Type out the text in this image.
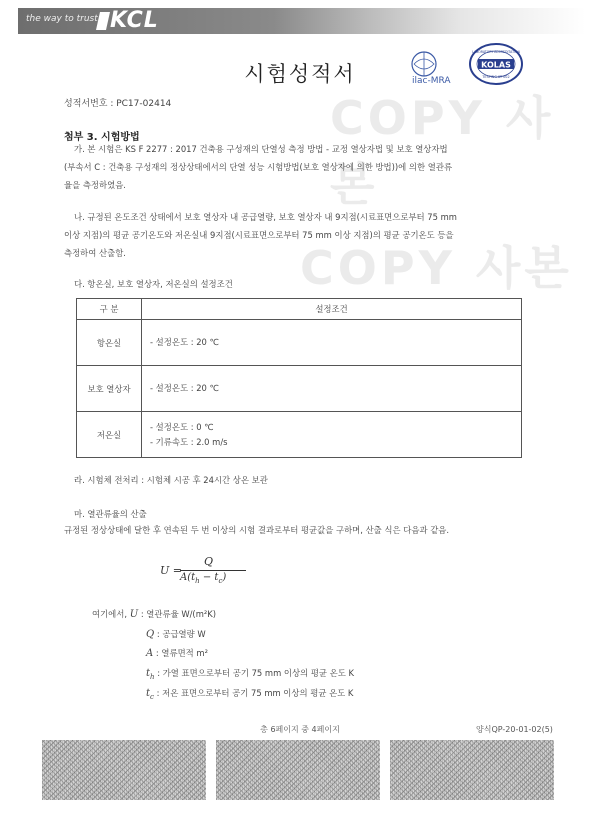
the way to trust KCL
COPY 사본
COPY 사본
시험성적서	ilac-MRA
KOLAS
LABORATORY ACCREDITATION
TESTING KT 002
성적서번호 : PC17-02414
첨부 3. 시험방법
가. 본 시험은 KS F 2277 : 2017 건축용 구성재의 단열성 측정 방법 - 교정 열상자법 및 보호 열상자법
(부속서 C : 건축용 구성재의 정상상태에서의 단열 성능 시험방법(보호 열상자에 의한 방법))에 의한 열관류
율을 측정하였음.
나. 규정된 온도조건 상태에서 보호 열상자 내 공급열량, 보호 열상자 내 9지점(시료표면으로부터 75 mm
이상 지점)의 평균 공기온도와 저온실내 9지점(시료표면으로부터 75 mm 이상 지점)의 평균 공기온도 등을
측정하여 산출함.
다. 항온실, 보호 열상자, 저온실의 설정조건
구 분	설정조건
항온실	- 설정온도 : 20 ℃

보호 열상자	- 설정온도 : 20 ℃

저온실	- 설정온도 : 0 ℃
- 기류속도 : 2.0 m/s
라. 시험체 전처리 : 시험체 시공 후 24시간 상온 보관
마. 열관류율의 산출
규정된 정상상태에 달한 후 연속된 두 번 이상의 시험 결과로부터 평균값을 구하며, 산출 식은 다음과 같음.
U =
Q
$A(t_h - t_c)$
여기에서, U : 열관류율 W/(m²K)
Q : 공급열량 W
A : 열류면적 m²
$t_h$ : 가열 표면으로부터 공기 75 mm 이상의 평균 온도 K
$t_c$ : 저온 표면으로부터 공기 75 mm 이상의 평균 온도 K
총 6페이지 중 4페이지	양식QP-20-01-02(5)
